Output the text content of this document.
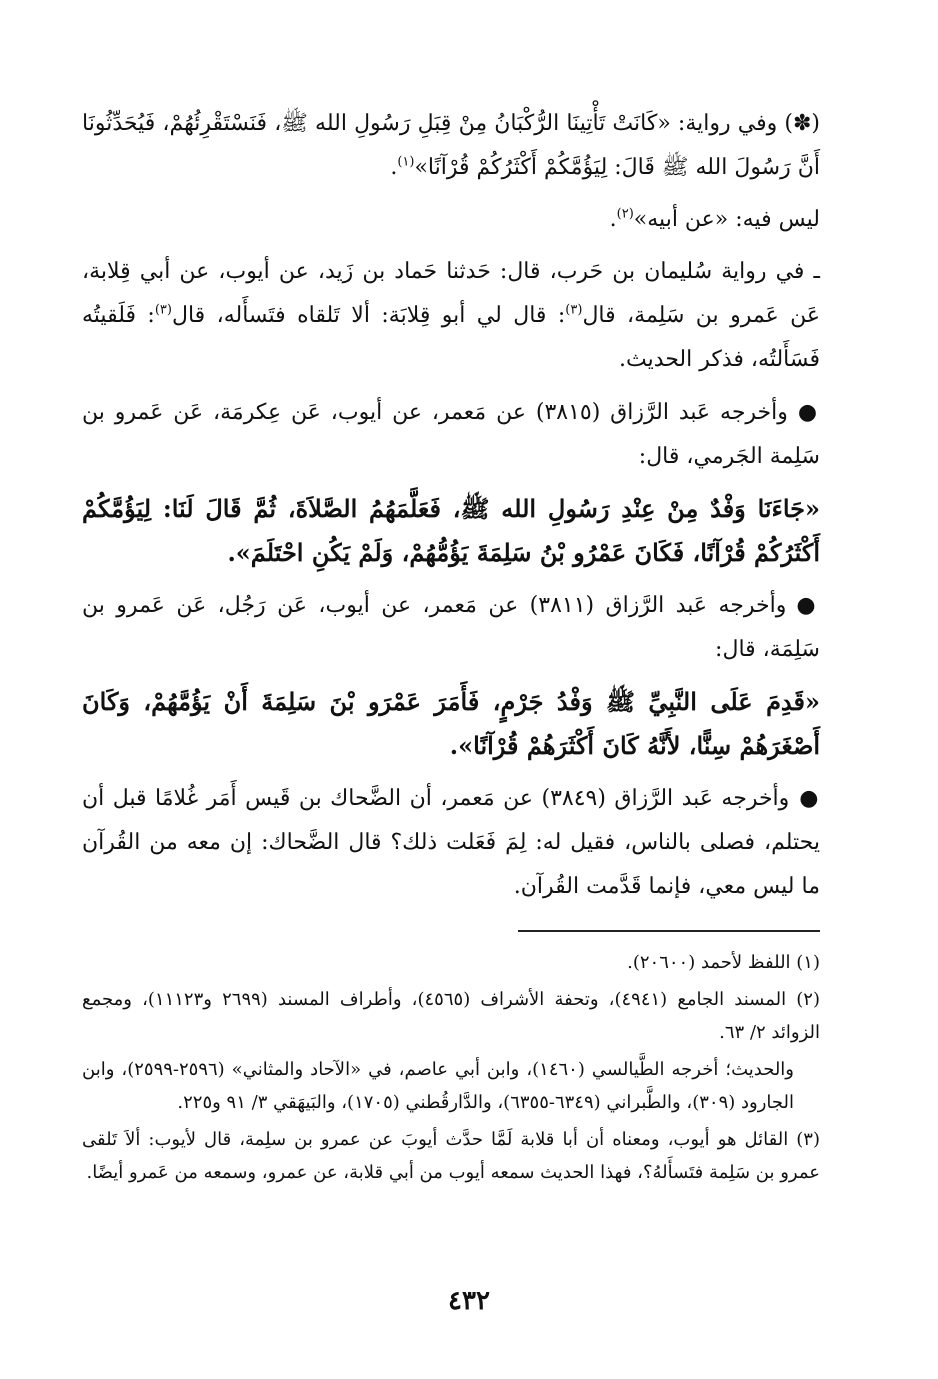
(✽) وفي رواية: «كَانَتْ تَأْتِينَا الرُّكْبَانُ مِنْ قِبَلِ رَسُولِ الله ﷺ، فَنَسْتَقْرِئُهُمْ، فَيُحَدِّثُونَا أَنَّ رَسُولَ الله ﷺ قَالَ: لِيَؤُمَّكُمْ أَكْثَرُكُمْ قُرْآنًا»$^{(١)}$.

ليس فيه: «عن أبيه»$^{(٢)}$.

ـ في رواية سُليمان بن حَرب، قال: حَدثنا حَماد بن زَيد، عن أيوب، عن أبي قِلابة، عَن عَمرو بن سَلِمة، قال$^{(٣)}$: قال لي أبو قِلابَة: ألا تَلقاه فتَسأَله، قال$^{(٣)}$: فَلَقيتُه فَسَأَلتُه، فذكر الحديث.

●وأخرجه عَبد الرَّزاق (٣٨١٥) عن مَعمر، عن أيوب، عَن عِكرمَة، عَن عَمرو بن سَلِمة الجَرمي، قال:

«جَاءَنَا وَفْدٌ مِنْ عِنْدِ رَسُولِ الله ﷺ، فَعَلَّمَهُمُ الصَّلاَةَ، ثُمَّ قَالَ لَنَا: لِيَؤُمَّكُمْ أَكْثَرُكُمْ قُرْآنًا، فَكَانَ عَمْرُو بْنُ سَلِمَةَ يَؤُمُّهُمْ، وَلَمْ يَكُنِ احْتَلَمَ».

●وأخرجه عَبد الرَّزاق (٣٨١١) عن مَعمر، عن أيوب، عَن رَجُل، عَن عَمرو بن سَلِمَة، قال:

«قَدِمَ عَلَى النَّبِيِّ ﷺ وَفْدُ جَرْمٍ، فَأَمَرَ عَمْرَو بْنَ سَلِمَةَ أَنْ يَؤُمَّهُمْ، وَكَانَ أَصْغَرَهُمْ سِنًّا، لأَنَّهُ كَانَ أَكْثَرَهُمْ قُرْآنًا».

●وأخرجه عَبد الرَّزاق (٣٨٤٩) عن مَعمر، أن الضَّحاك بن قَيس أَمَر غُلامًا قبل أن يحتلم، فصلى بالناس، فقيل له: لِمَ فَعَلت ذلك؟ قال الضَّحاك: إن معه من القُرآن ما ليس معي، فإنما قَدَّمت القُرآن.

(١) اللفظ لأحمد (٢٠٦٠٠).

(٢) المسند الجامع (٤٩٤١)، وتحفة الأشراف (٤٥٦٥)، وأطراف المسند (٢٦٩٩ و١١١٢٣)، ومجمع الزوائد ٢/ ٦٣.

والحديث؛ أخرجه الطَّيالسي (١٤٦٠)، وابن أبي عاصم، في «الآحاد والمثاني» (٢٥٩٦-٢٥٩٩)، وابن الجارود (٣٠٩)، والطَّبراني (٦٣٤٩-٦٣٥٥)، والدَّارقُطني (١٧٠٥)، والبَيهَقي ٣/ ٩١ و٢٢٥.

(٣) القائل هو أيوب، ومعناه أن أبا قلابة لَمَّا حدَّث أيوبَ عن عمرو بن سلِمة، قال لأيوب: ألاَ تَلقى عمرو بن سَلِمة فتَسأَلهُ؟، فهذا الحديث سمعه أيوب من أبي قلابة، عن عمرو، وسمعه من عَمرو أيضًا.

٤٣٢
